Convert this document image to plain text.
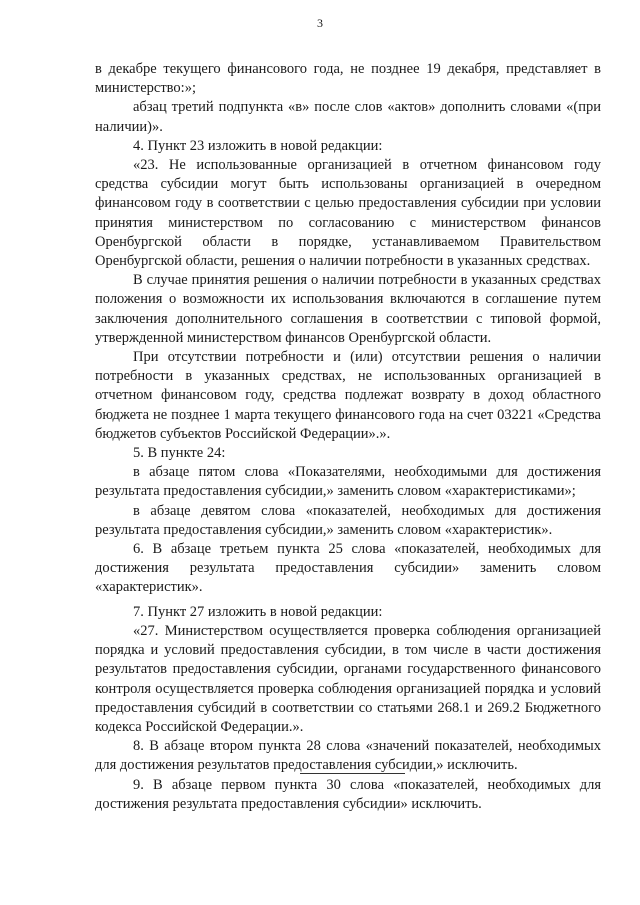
3

в декабре текущего финансового года, не позднее 19 декабря, представляет в министерство:»;

абзац третий подпункта «в» после слов «актов» дополнить словами «(при наличии)».

4. Пункт 23 изложить в новой редакции:

«23. Не использованные организацией в отчетном финансовом году средства субсидии могут быть использованы организацией в очередном финансовом году в соответствии с целью предоставления субсидии при условии принятия министерством по согласованию с министерством финансов Оренбургской области в порядке, устанавливаемом Правительством Оренбургской области, решения о наличии потребности в указанных средствах.

В случае принятия решения о наличии потребности в указанных средствах положения о возможности их использования включаются в соглашение путем заключения дополнительного соглашения в соответствии с типовой формой, утвержденной министерством финансов Оренбургской области.

При отсутствии потребности и (или) отсутствии решения о наличии потребности в указанных средствах, не использованных организацией в отчетном финансовом году, средства подлежат возврату в доход областного бюджета не позднее 1 марта текущего финансового года на счет 03221 «Средства бюджетов субъектов Российской Федерации».».

5. В пункте 24:

в абзаце пятом слова «Показателями, необходимыми для достижения результата предоставления субсидии,» заменить словом «характеристиками»;

в абзаце девятом слова «показателей, необходимых для достижения результата предоставления субсидии,» заменить словом «характеристик».

6. В абзаце третьем пункта 25 слова «показателей, необходимых для достижения результата предоставления субсидии» заменить словом «характеристик».

7. Пункт 27 изложить в новой редакции:

«27. Министерством осуществляется проверка соблюдения организацией порядка и условий предоставления субсидии, в том числе в части достижения результатов предоставления субсидии, органами государственного финансового контроля осуществляется проверка соблюдения организацией порядка и условий предоставления субсидий в соответствии со статьями 268.1 и 269.2 Бюджетного кодекса Российской Федерации.».

8. В абзаце втором пункта 28 слова «значений показателей, необходимых для достижения результатов предоставления субсидии,» исключить.

9. В абзаце первом пункта 30 слова «показателей, необходимых для достижения результата предоставления субсидии» исключить.
